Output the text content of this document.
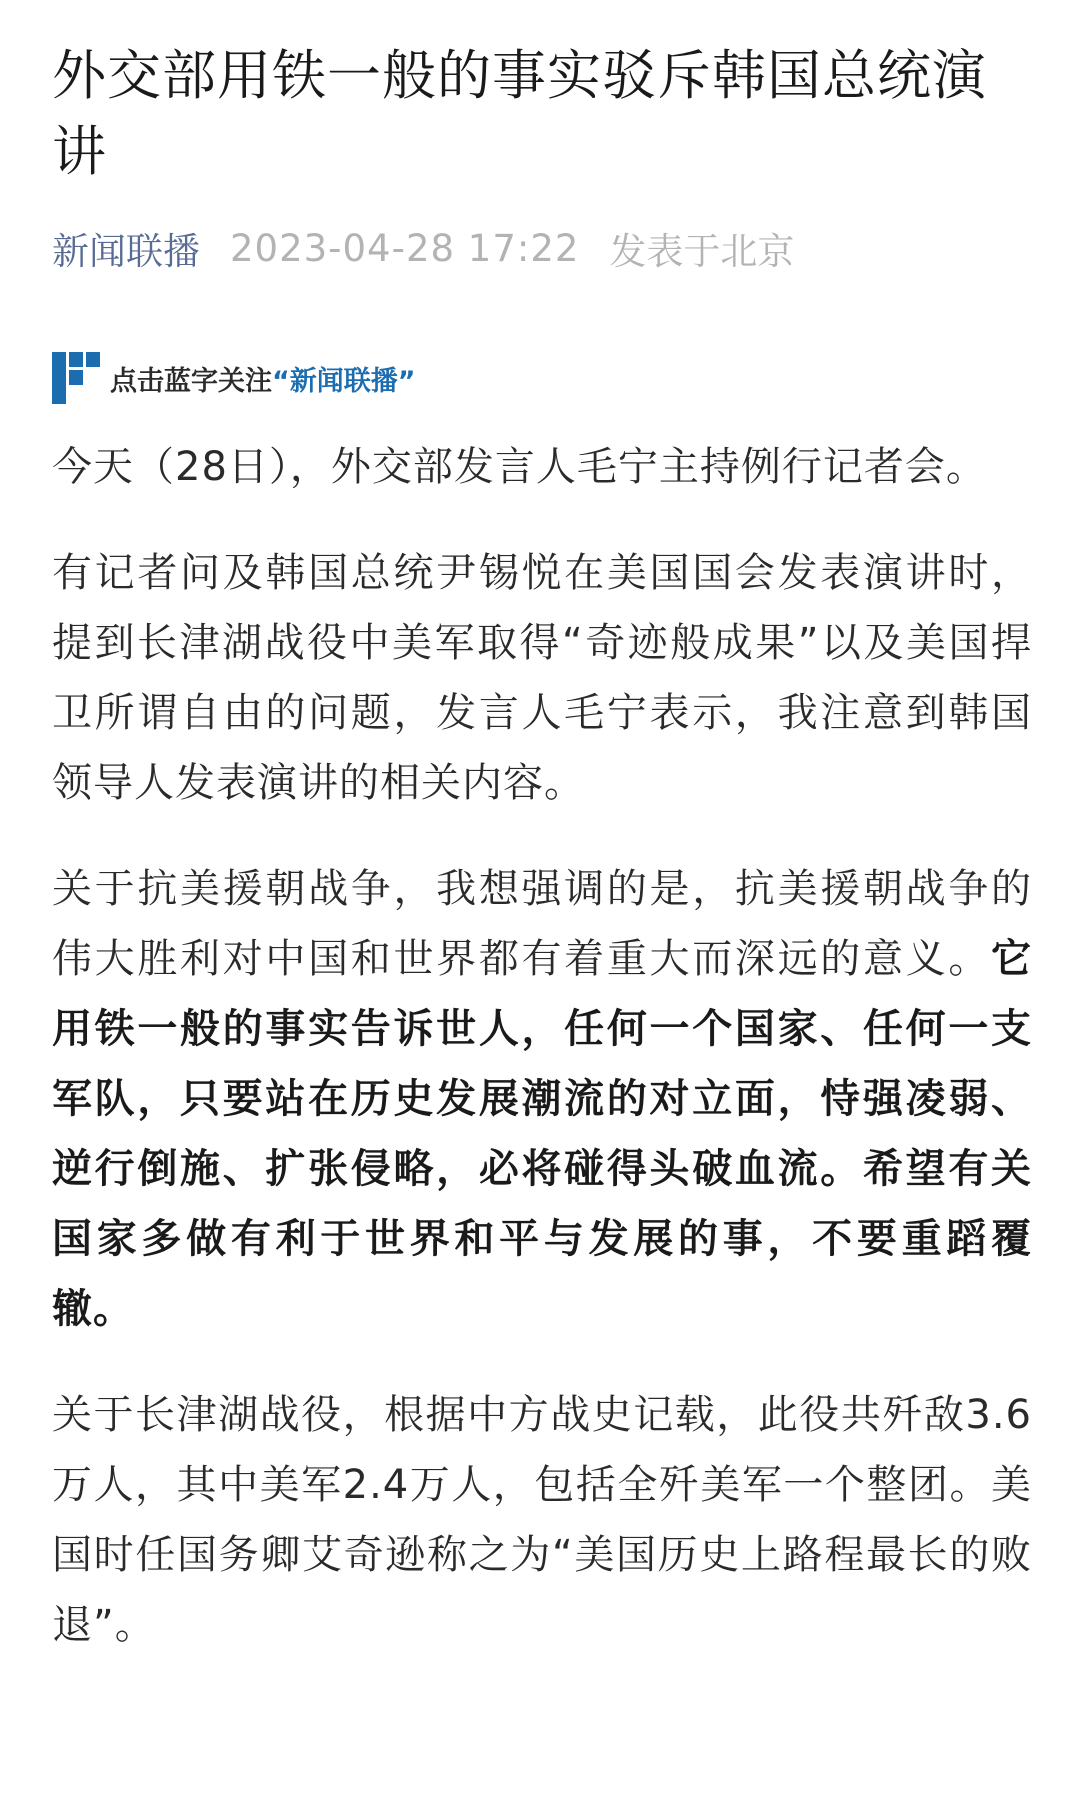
外交部用铁一般的事实驳斥韩国总统演讲
新闻联播 2023-04-28 17:22 发表于北京
点击蓝字关注“新闻联播”

今天（28日），外交部发言人毛宁主持例行记者会。

有记者问及韩国总统尹锡悦在美国国会发表演讲时，提到长津湖战役中美军取得“奇迹般成果”以及美国捍卫所谓自由的问题，发言人毛宁表示，我注意到韩国领导人发表演讲的相关内容。

关于抗美援朝战争，我想强调的是，抗美援朝战争的伟大胜利对中国和世界都有着重大而深远的意义。它用铁一般的事实告诉世人，任何一个国家、任何一支军队，只要站在历史发展潮流的对立面，恃强凌弱、逆行倒施、扩张侵略，必将碰得头破血流。希望有关国家多做有利于世界和平与发展的事，不要重蹈覆辙。

关于长津湖战役，根据中方战史记载，此役共歼敌3.6万人，其中美军2.4万人，包括全歼美军一个整团。美国时任国务卿艾奇逊称之为“美国历史上路程最长的败退”。
